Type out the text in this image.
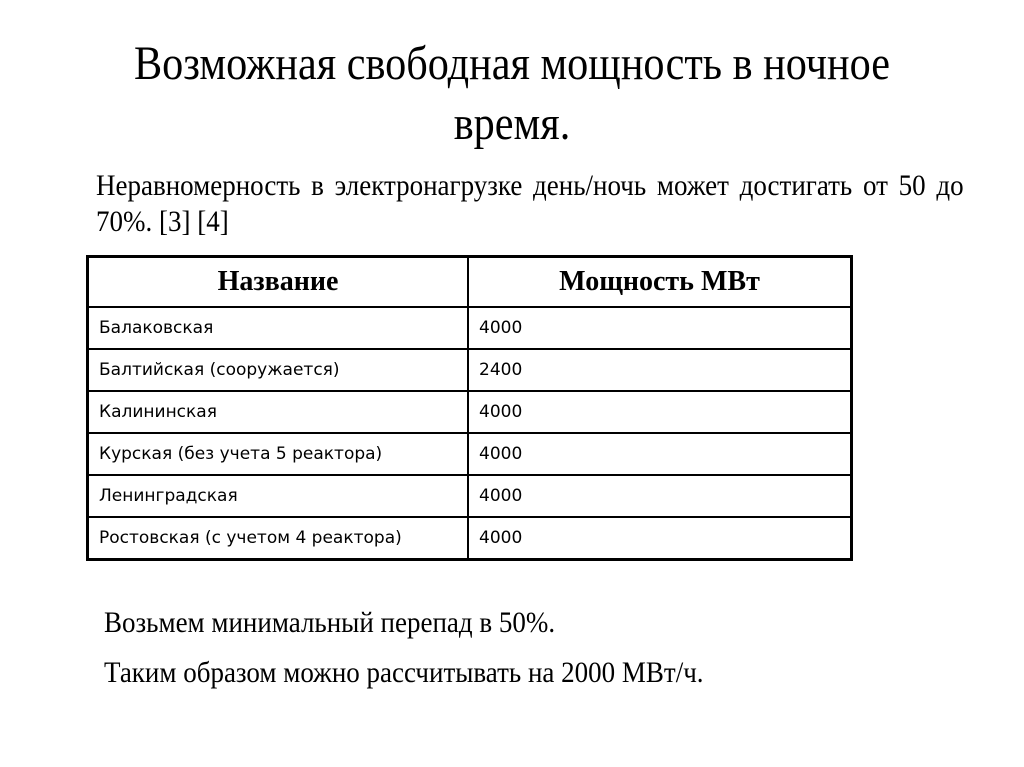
Возможная свободная мощность в ночное время.
Неравномерность в электронагрузке день/ночь может достигать от 50 до 70%. [3] [4]
Название	Мощность МВт
Балаковская	4000
Балтийская (сооружается)	2400
Калининская	4000
Курская (без учета 5 реактора)	4000
Ленинградская	4000
Ростовская (с учетом 4 реактора)	4000
Возьмем минимальный перепад в 50%.
Таким образом можно рассчитывать на 2000 МВт/ч.
